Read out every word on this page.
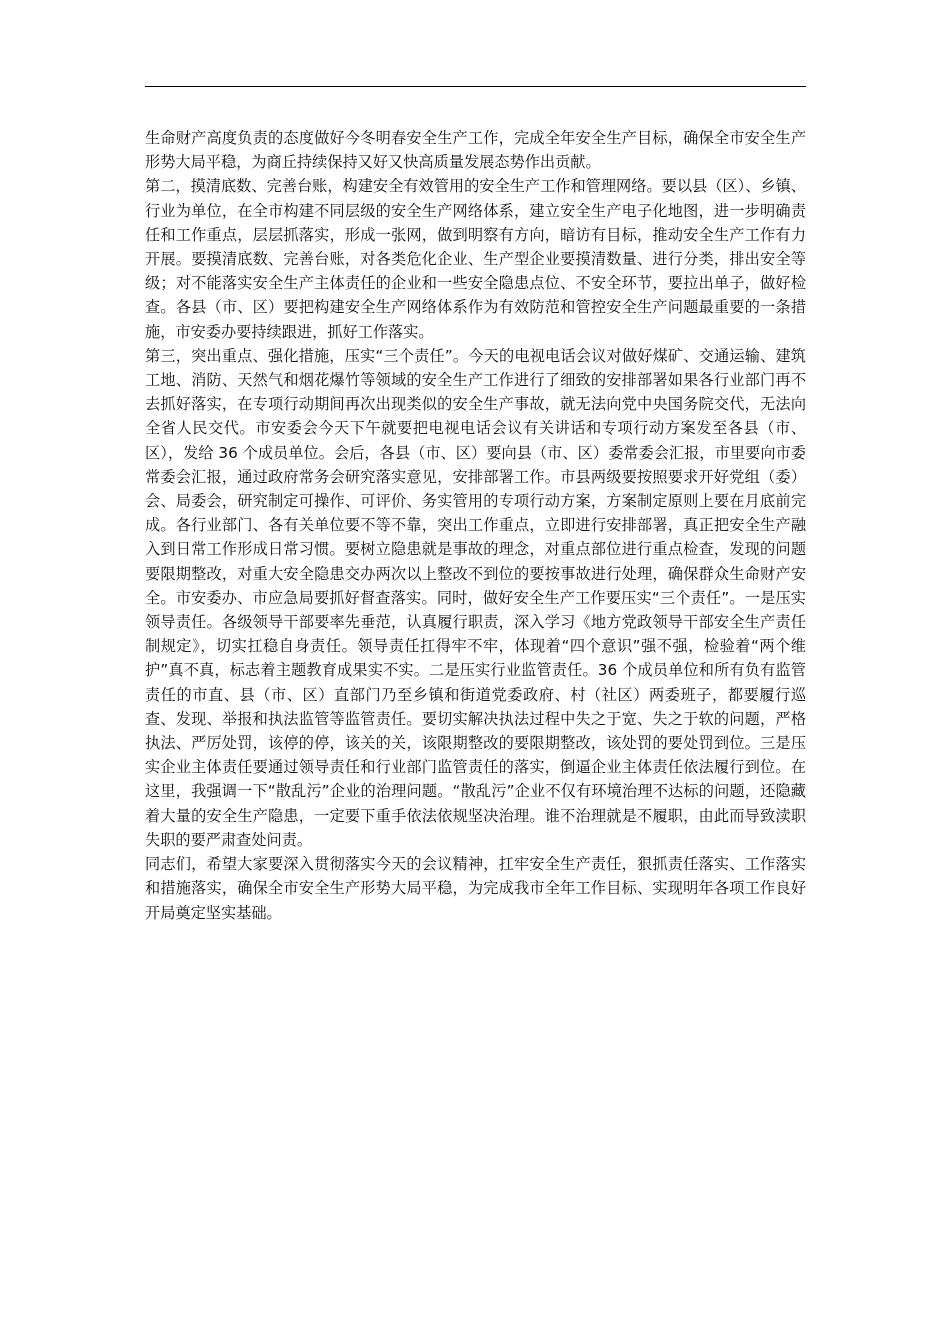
生命财产高度负责的态度做好今冬明春安全生产工作，完成全年安全生产目标，确保全市安全生产形势大局平稳，为商丘持续保持又好又快高质量发展态势作出贡献。

第二，摸清底数、完善台账，构建安全有效管用的安全生产工作和管理网络。要以县（区）、乡镇、行业为单位，在全市构建不同层级的安全生产网络体系，建立安全生产电子化地图，进一步明确责任和工作重点，层层抓落实，形成一张网，做到明察有方向，暗访有目标，推动安全生产工作有力开展。要摸清底数、完善台账，对各类危化企业、生产型企业要摸清数量、进行分类，排出安全等级；对不能落实安全生产主体责任的企业和一些安全隐患点位、不安全环节，要拉出单子，做好检查。各县（市、区）要把构建安全生产网络体系作为有效防范和管控安全生产问题最重要的一条措施，市安委办要持续跟进，抓好工作落实。

第三，突出重点、强化措施，压实“三个责任”。今天的电视电话会议对做好煤矿、交通运输、建筑工地、消防、天然气和烟花爆竹等领域的安全生产工作进行了细致的安排部署如果各行业部门再不去抓好落实，在专项行动期间再次出现类似的安全生产事故，就无法向党中央国务院交代，无法向全省人民交代。市安委会今天下午就要把电视电话会议有关讲话和专项行动方案发至各县（市、区），发给 36 个成员单位。会后，各县（市、区）要向县（市、区）委常委会汇报，市里要向市委常委会汇报，通过政府常务会研究落实意见，安排部署工作。市县两级要按照要求开好党组（委）会、局委会，研究制定可操作、可评价、务实管用的专项行动方案，方案制定原则上要在月底前完成。各行业部门、各有关单位要不等不靠，突出工作重点，立即进行安排部署，真正把安全生产融入到日常工作形成日常习惯。要树立隐患就是事故的理念，对重点部位进行重点检查，发现的问题要限期整改，对重大安全隐患交办两次以上整改不到位的要按事故进行处理，确保群众生命财产安全。市安委办、市应急局要抓好督查落实。同时，做好安全生产工作要压实“三个责任”。一是压实领导责任。各级领导干部要率先垂范，认真履行职责，深入学习《地方党政领导干部安全生产责任制规定》，切实扛稳自身责任。领导责任扛得牢不牢，体现着“四个意识”强不强，检验着“两个维护”真不真，标志着主题教育成果实不实。二是压实行业监管责任。36 个成员单位和所有负有监管责任的市直、县（市、区）直部门乃至乡镇和街道党委政府、村（社区）两委班子，都要履行巡查、发现、举报和执法监管等监管责任。要切实解决执法过程中失之于宽、失之于软的问题，严格执法、严厉处罚，该停的停，该关的关，该限期整改的要限期整改，该处罚的要处罚到位。三是压实企业主体责任要通过领导责任和行业部门监管责任的落实，倒逼企业主体责任依法履行到位。在这里，我强调一下“散乱污”企业的治理问题。“散乱污”企业不仅有环境治理不达标的问题，还隐藏着大量的安全生产隐患，一定要下重手依法依规坚决治理。谁不治理就是不履职，由此而导致渎职失职的要严肃查处问责。

同志们，希望大家要深入贯彻落实今天的会议精神，扛牢安全生产责任，狠抓责任落实、工作落实和措施落实，确保全市安全生产形势大局平稳，为完成我市全年工作目标、实现明年各项工作良好开局奠定坚实基础。
